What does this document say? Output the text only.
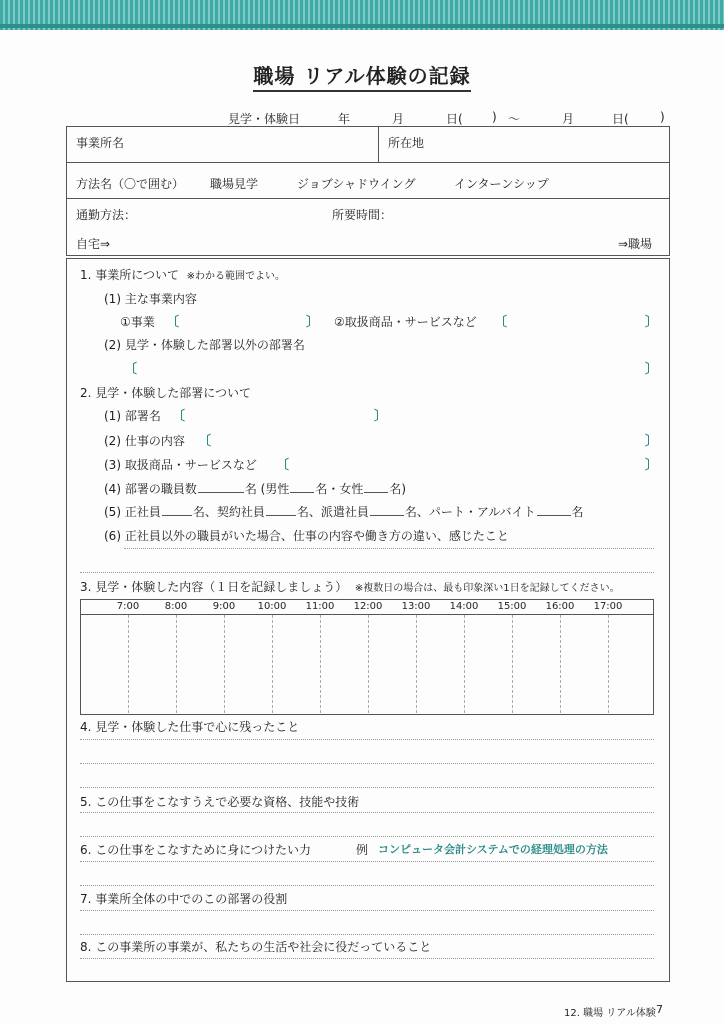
職場 リアル体験の記録
見学・体験日	年	月	日( ) 〜	月	日(	)
事業所名	所在地
方法名（〇で囲む） 職場見学	ジョブシャドウイング	インターンシップ
通勤方法：	所要時間：
自宅⇒	⇒職場
1. 事業所について ※わかる範囲でよい。
(1) 主な事業内容
①事業 〔	〕 ②取扱商品・サービスなど 〔	〕
(2) 見学・体験した部署以外の部署名
〔	〕
2. 見学・体験した部署について
(1) 部署名 〔	〕
(2) 仕事の内容 〔	〕
(3) 取扱商品・サービスなど 〔	〕
(4) 部署の職員数	名 (男性 名・女性 名)
(5) 正社員	名、契約社員	名、派遣社員	名、パート・アルバイト	名
(6) 正社員以外の職員がいた場合、仕事の内容や働き方の違い、感じたこと
3. 見学・体験した内容（１日を記録しましょう） ※複数日の場合は、最も印象深い1日を記録してください。
7:00	8:00	9:00	10:00	11:00	12:00	13:00	14:00	15:00	16:00	17:00
4. 見学・体験した仕事で心に残ったこと
5. この仕事をこなすうえで必要な資格、技能や技術
6. この仕事をこなすために身につけたい力	例 コンピュータ会計システムでの経理処理の方法
7. 事業所全体の中でのこの部署の役割
8. この事業所の事業が、私たちの生活や社会に役だっていること
12. 職場 リアル体験 7
